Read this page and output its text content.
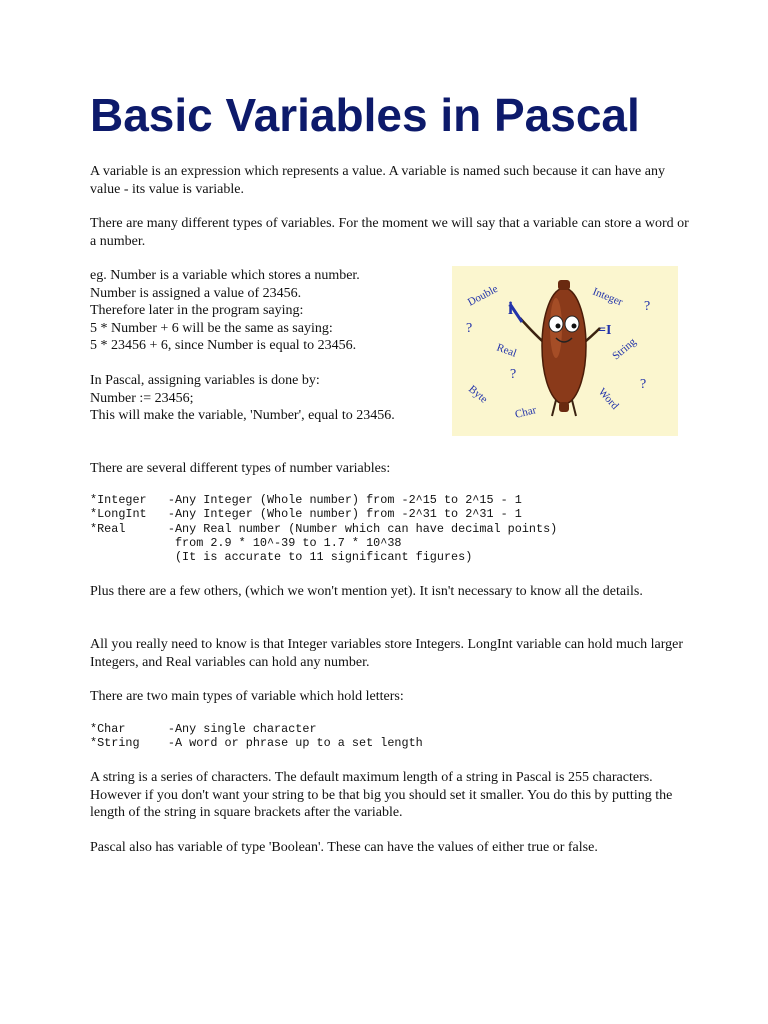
Basic Variables in Pascal

A variable is an expression which represents a value. A variable is named such because it can have any value - its value is variable.

There are many different types of variables. For the moment we will say that a variable can store a word or a number.

eg. Number is a variable which stores a number.
Number is assigned a value of 23456.
Therefore later in the program saying:
5 * Number + 6 will be the same as saying:
5 * 23456 + 6, since Number is equal to 23456.
In Pascal, assigning variables is done by:
Number := 23456;
This will make the variable, 'Number', equal to 23456.
Double	Integer
Real	String
Byte
Char
Word
i
=I
?
?
?
?

There are several different types of number variables:

*Integer   -Any Integer (Whole number) from -2^15 to 2^15 - 1
*LongInt   -Any Integer (Whole number) from -2^31 to 2^31 - 1
*Real      -Any Real number (Number which can have decimal points)
from 2.9 * 10^-39 to 1.7 * 10^38
(It is accurate to 11 significant figures)

Plus there are a few others, (which we won't mention yet). It isn't necessary to know all the details.

All you really need to know is that Integer variables store Integers. LongInt variable can hold much larger Integers, and Real variables can hold any number.

There are two main types of variable which hold letters:

*Char      -Any single character
*String    -A word or phrase up to a set length

A string is a series of characters. The default maximum length of a string in Pascal is 255 characters. However if you don't want your string to be that big you should set it smaller. You do this by putting the length of the string in square brackets after the variable.

Pascal also has variable of type 'Boolean'. These can have the values of either true or false.
